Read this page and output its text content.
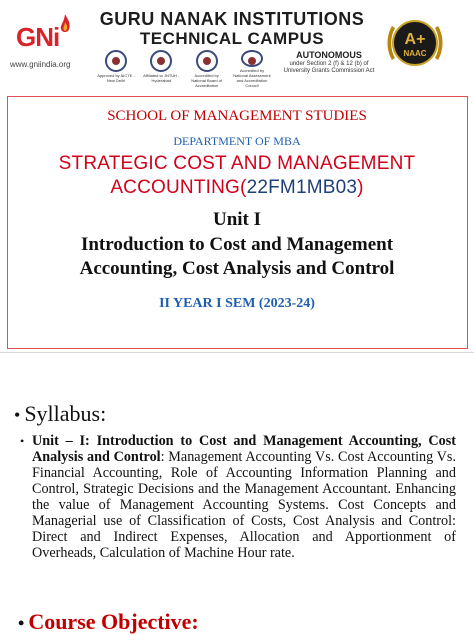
GNi
www.gniindia.org
GURU NANAK INSTITUTIONS
TECHNICAL CAMPUS
Approved by AICTE - New Delhi
Affiliated to JNTUH - Hyderabad
Accredited by National Board of Accreditation
Accredited by National Assessment and Accreditation Council
AUTONOMOUS
under Section 2 (f) & 12 (b) of University Grants Commission Act
A+
NAAC
SCHOOL OF MANAGEMENT STUDIES
DEPARTMENT OF MBA
STRATEGIC COST AND MANAGEMENT
ACCOUNTING(22FM1MB03)
Unit I
Introduction to Cost and Management
Accounting, Cost Analysis and Control
II YEAR I SEM (2023-24)
• Syllabus:
• Unit – I: Introduction to Cost and Management Accounting, Cost Analysis and Control: Management Accounting Vs. Cost Accounting Vs. Financial Accounting, Role of Accounting Information Planning and Control, Strategic Decisions and the Management Accountant. Enhancing the value of Management Accounting Systems. Cost Concepts and Managerial use of Classification of Costs, Cost Analysis and Control: Direct and Indirect Expenses, Allocation and Apportionment of Overheads, Calculation of Machine Hour rate.
• Course Objective:
